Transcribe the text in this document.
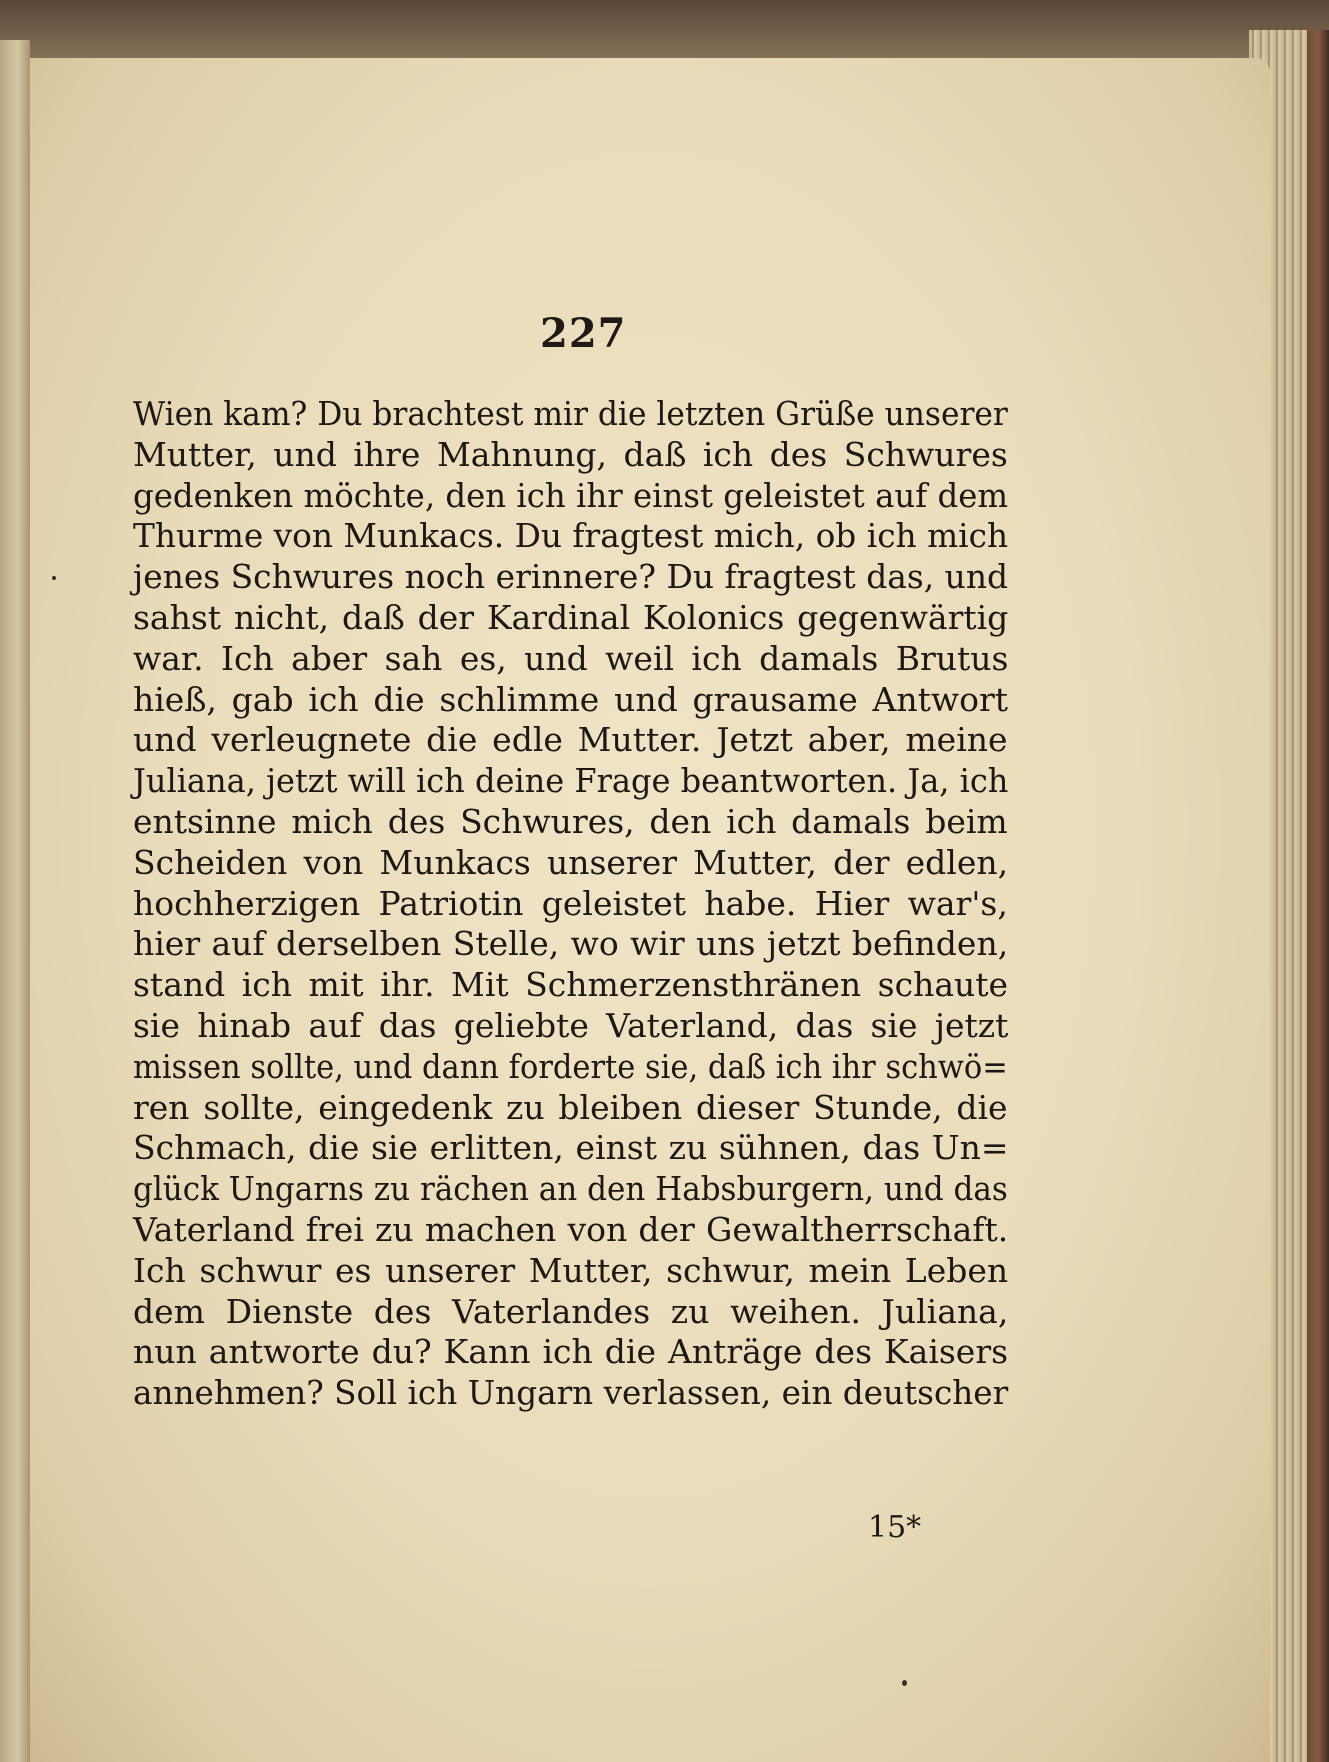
227
Wien kam? Du brachtest mir die letzten Grüße unserer
Mutter, und ihre Mahnung, daß ich des Schwures
gedenken möchte, den ich ihr einst geleistet auf dem
Thurme von Munkacs. Du fragtest mich, ob ich mich
jenes Schwures noch erinnere? Du fragtest das, und
sahst nicht, daß der Kardinal Kolonics gegenwärtig
war. Ich aber sah es, und weil ich damals Brutus
hieß, gab ich die schlimme und grausame Antwort
und verleugnete die edle Mutter. Jetzt aber, meine
Juliana, jetzt will ich deine Frage beantworten. Ja, ich
entsinne mich des Schwures, den ich damals beim
Scheiden von Munkacs unserer Mutter, der edlen,
hochherzigen Patriotin geleistet habe. Hier war's,
hier auf derselben Stelle, wo wir uns jetzt befinden,
stand ich mit ihr. Mit Schmerzensthränen schaute
sie hinab auf das geliebte Vaterland, das sie jetzt
missen sollte, und dann forderte sie, daß ich ihr schwö=
ren sollte, eingedenk zu bleiben dieser Stunde, die
Schmach, die sie erlitten, einst zu sühnen, das Un=
glück Ungarns zu rächen an den Habsburgern, und das
Vaterland frei zu machen von der Gewaltherrschaft.
Ich schwur es unserer Mutter, schwur, mein Leben
dem Dienste des Vaterlandes zu weihen. Juliana,
nun antworte du? Kann ich die Anträge des Kaisers
annehmen? Soll ich Ungarn verlassen, ein deutscher
15*
